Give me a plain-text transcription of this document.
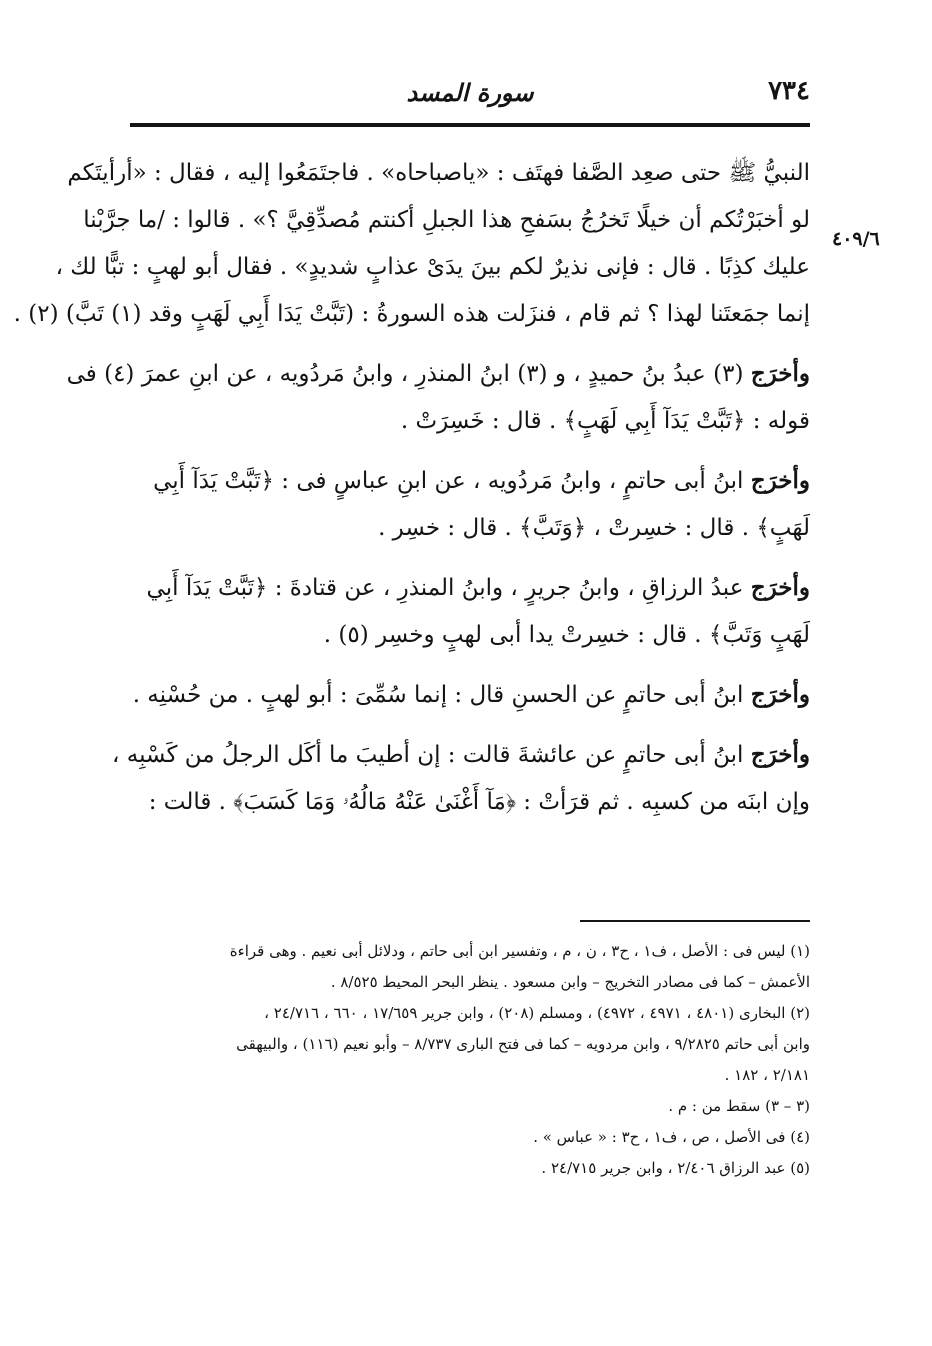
٧٣٤
سورة المسد
٤٠٩/٦
النبيُّ ﷺ حتى صعِد الصَّفا فهتَف : «ياصباحاه» . فاجتَمَعُوا إليه ، فقال : «أرأيتَكم
لو أخبَرْتُكم أن خيلًا تَخرُجُ بسَفحِ هذا الجبلِ أكنتم مُصدِّقِيَّ ؟» . قالوا : /ما جرَّبْنا
عليك كذِبًا . قال : فإنى نذيرٌ لكم بينَ يدَىْ عذابٍ شديدٍ» . فقال أبو لهبٍ : تبًّا لك ،
إنما جمَعتَنا لهذا ؟ ثم قام ، فنزَلت هذه السورةُ : (تَبَّتْ يَدَا أَبِي لَهَبٍ وقد (١) تَبَّ) (٢) .
وأخرَج (٣) عبدُ بنُ حميدٍ ، و (٣) ابنُ المنذرِ ، وابنُ مَردُويه ، عن ابنِ عمرَ (٤) فى
قوله : ﴿تَبَّتْ يَدَآ أَبِي لَهَبٍ﴾ . قال : خَسِرَتْ .
وأخرَج ابنُ أبى حاتمٍ ، وابنُ مَردُويه ، عن ابنِ عباسٍ فى : ﴿تَبَّتْ يَدَآ أَبِي
لَهَبٍ﴾ . قال : خسِرتْ ، ﴿وَتَبَّ﴾ . قال : خسِر .
وأخرَج عبدُ الرزاقِ ، وابنُ جريرٍ ، وابنُ المنذرِ ، عن قتادةَ : ﴿تَبَّتْ يَدَآ أَبِي
لَهَبٍ وَتَبَّ﴾ . قال : خسِرتْ يدا أبى لهبٍ وخسِر (٥) .
وأخرَج ابنُ أبى حاتمٍ عن الحسنِ قال : إنما سُمِّىَ : أبو لهبٍ . من حُسْنِه .
وأخرَج ابنُ أبى حاتمٍ عن عائشةَ قالت : إن أطيبَ ما أكَل الرجلُ من كَسْبِه ،
وإن ابنَه من كسبِه . ثم قرَأتْ : ﴿مَآ أَغْنَىٰ عَنْهُ مَالُهُۥ وَمَا كَسَبَ﴾ . قالت :
(١) ليس فى : الأصل ، ف١ ، ح٣ ، ن ، م ، وتفسير ابن أبى حاتم ، ودلائل أبى نعيم . وهى قراءة
الأعمش – كما فى مصادر التخريج – وابن مسعود . ينظر البحر المحيط ٨/٥٢٥ .
(٢) البخارى (٤٨٠١ ، ٤٩٧١ ، ٤٩٧٢) ، ومسلم (٢٠٨) ، وابن جرير ١٧/٦٥٩ ، ٦٦٠ ، ٢٤/٧١٦ ،
وابن أبى حاتم ٩/٢٨٢٥ ، وابن مردويه – كما فى فتح البارى ٨/٧٣٧ – وأبو نعيم (١١٦) ، والبيهقى
٢/١٨١ ، ١٨٢ .
(٣ – ٣) سقط من : م .
(٤) فى الأصل ، ص ، ف١ ، ح٣ : « عباس » .
(٥) عبد الرزاق ٢/٤٠٦ ، وابن جرير ٢٤/٧١٥ .
